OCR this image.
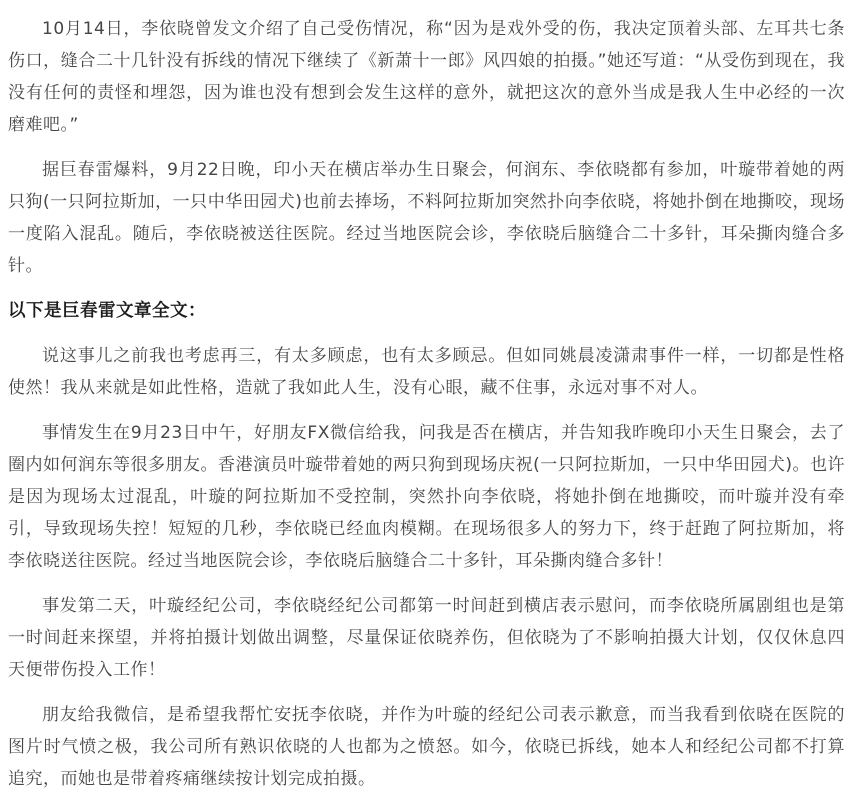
10月14日，李依晓曾发文介绍了自己受伤情况，称“因为是戏外受的伤，我决定顶着头部、左耳共七条伤口，缝合二十几针没有拆线的情况下继续了《新萧十一郎》风四娘的拍摄。”她还写道：“从受伤到现在，我没有任何的责怪和埋怨，因为谁也没有想到会发生这样的意外，就把这次的意外当成是我人生中必经的一次磨难吧。”

据巨春雷爆料，9月22日晚，印小天在横店举办生日聚会，何润东、李依晓都有参加，叶璇带着她的两只狗(一只阿拉斯加，一只中华田园犬)也前去捧场，不料阿拉斯加突然扑向李依晓，将她扑倒在地撕咬，现场一度陷入混乱。随后，李依晓被送往医院。经过当地医院会诊，李依晓后脑缝合二十多针，耳朵撕肉缝合多针。

以下是巨春雷文章全文：

说这事儿之前我也考虑再三，有太多顾虑，也有太多顾忌。但如同姚晨凌潇肃事件一样，一切都是性格使然！我从来就是如此性格，造就了我如此人生，没有心眼，藏不住事，永远对事不对人。

事情发生在9月23日中午，好朋友FX微信给我，问我是否在横店，并告知我昨晚印小天生日聚会，去了圈内如何润东等很多朋友。香港演员叶璇带着她的两只狗到现场庆祝(一只阿拉斯加，一只中华田园犬)。也许是因为现场太过混乱，叶璇的阿拉斯加不受控制，突然扑向李依晓，将她扑倒在地撕咬，而叶璇并没有牵引，导致现场失控！短短的几秒，李依晓已经血肉模糊。在现场很多人的努力下，终于赶跑了阿拉斯加，将李依晓送往医院。经过当地医院会诊，李依晓后脑缝合二十多针，耳朵撕肉缝合多针！

事发第二天，叶璇经纪公司，李依晓经纪公司都第一时间赶到横店表示慰问，而李依晓所属剧组也是第一时间赶来探望，并将拍摄计划做出调整，尽量保证依晓养伤，但依晓为了不影响拍摄大计划，仅仅休息四天便带伤投入工作！

朋友给我微信，是希望我帮忙安抚李依晓，并作为叶璇的经纪公司表示歉意，而当我看到依晓在医院的图片时气愤之极，我公司所有熟识依晓的人也都为之愤怒。如今，依晓已拆线，她本人和经纪公司都不打算追究，而她也是带着疼痛继续按计划完成拍摄。
